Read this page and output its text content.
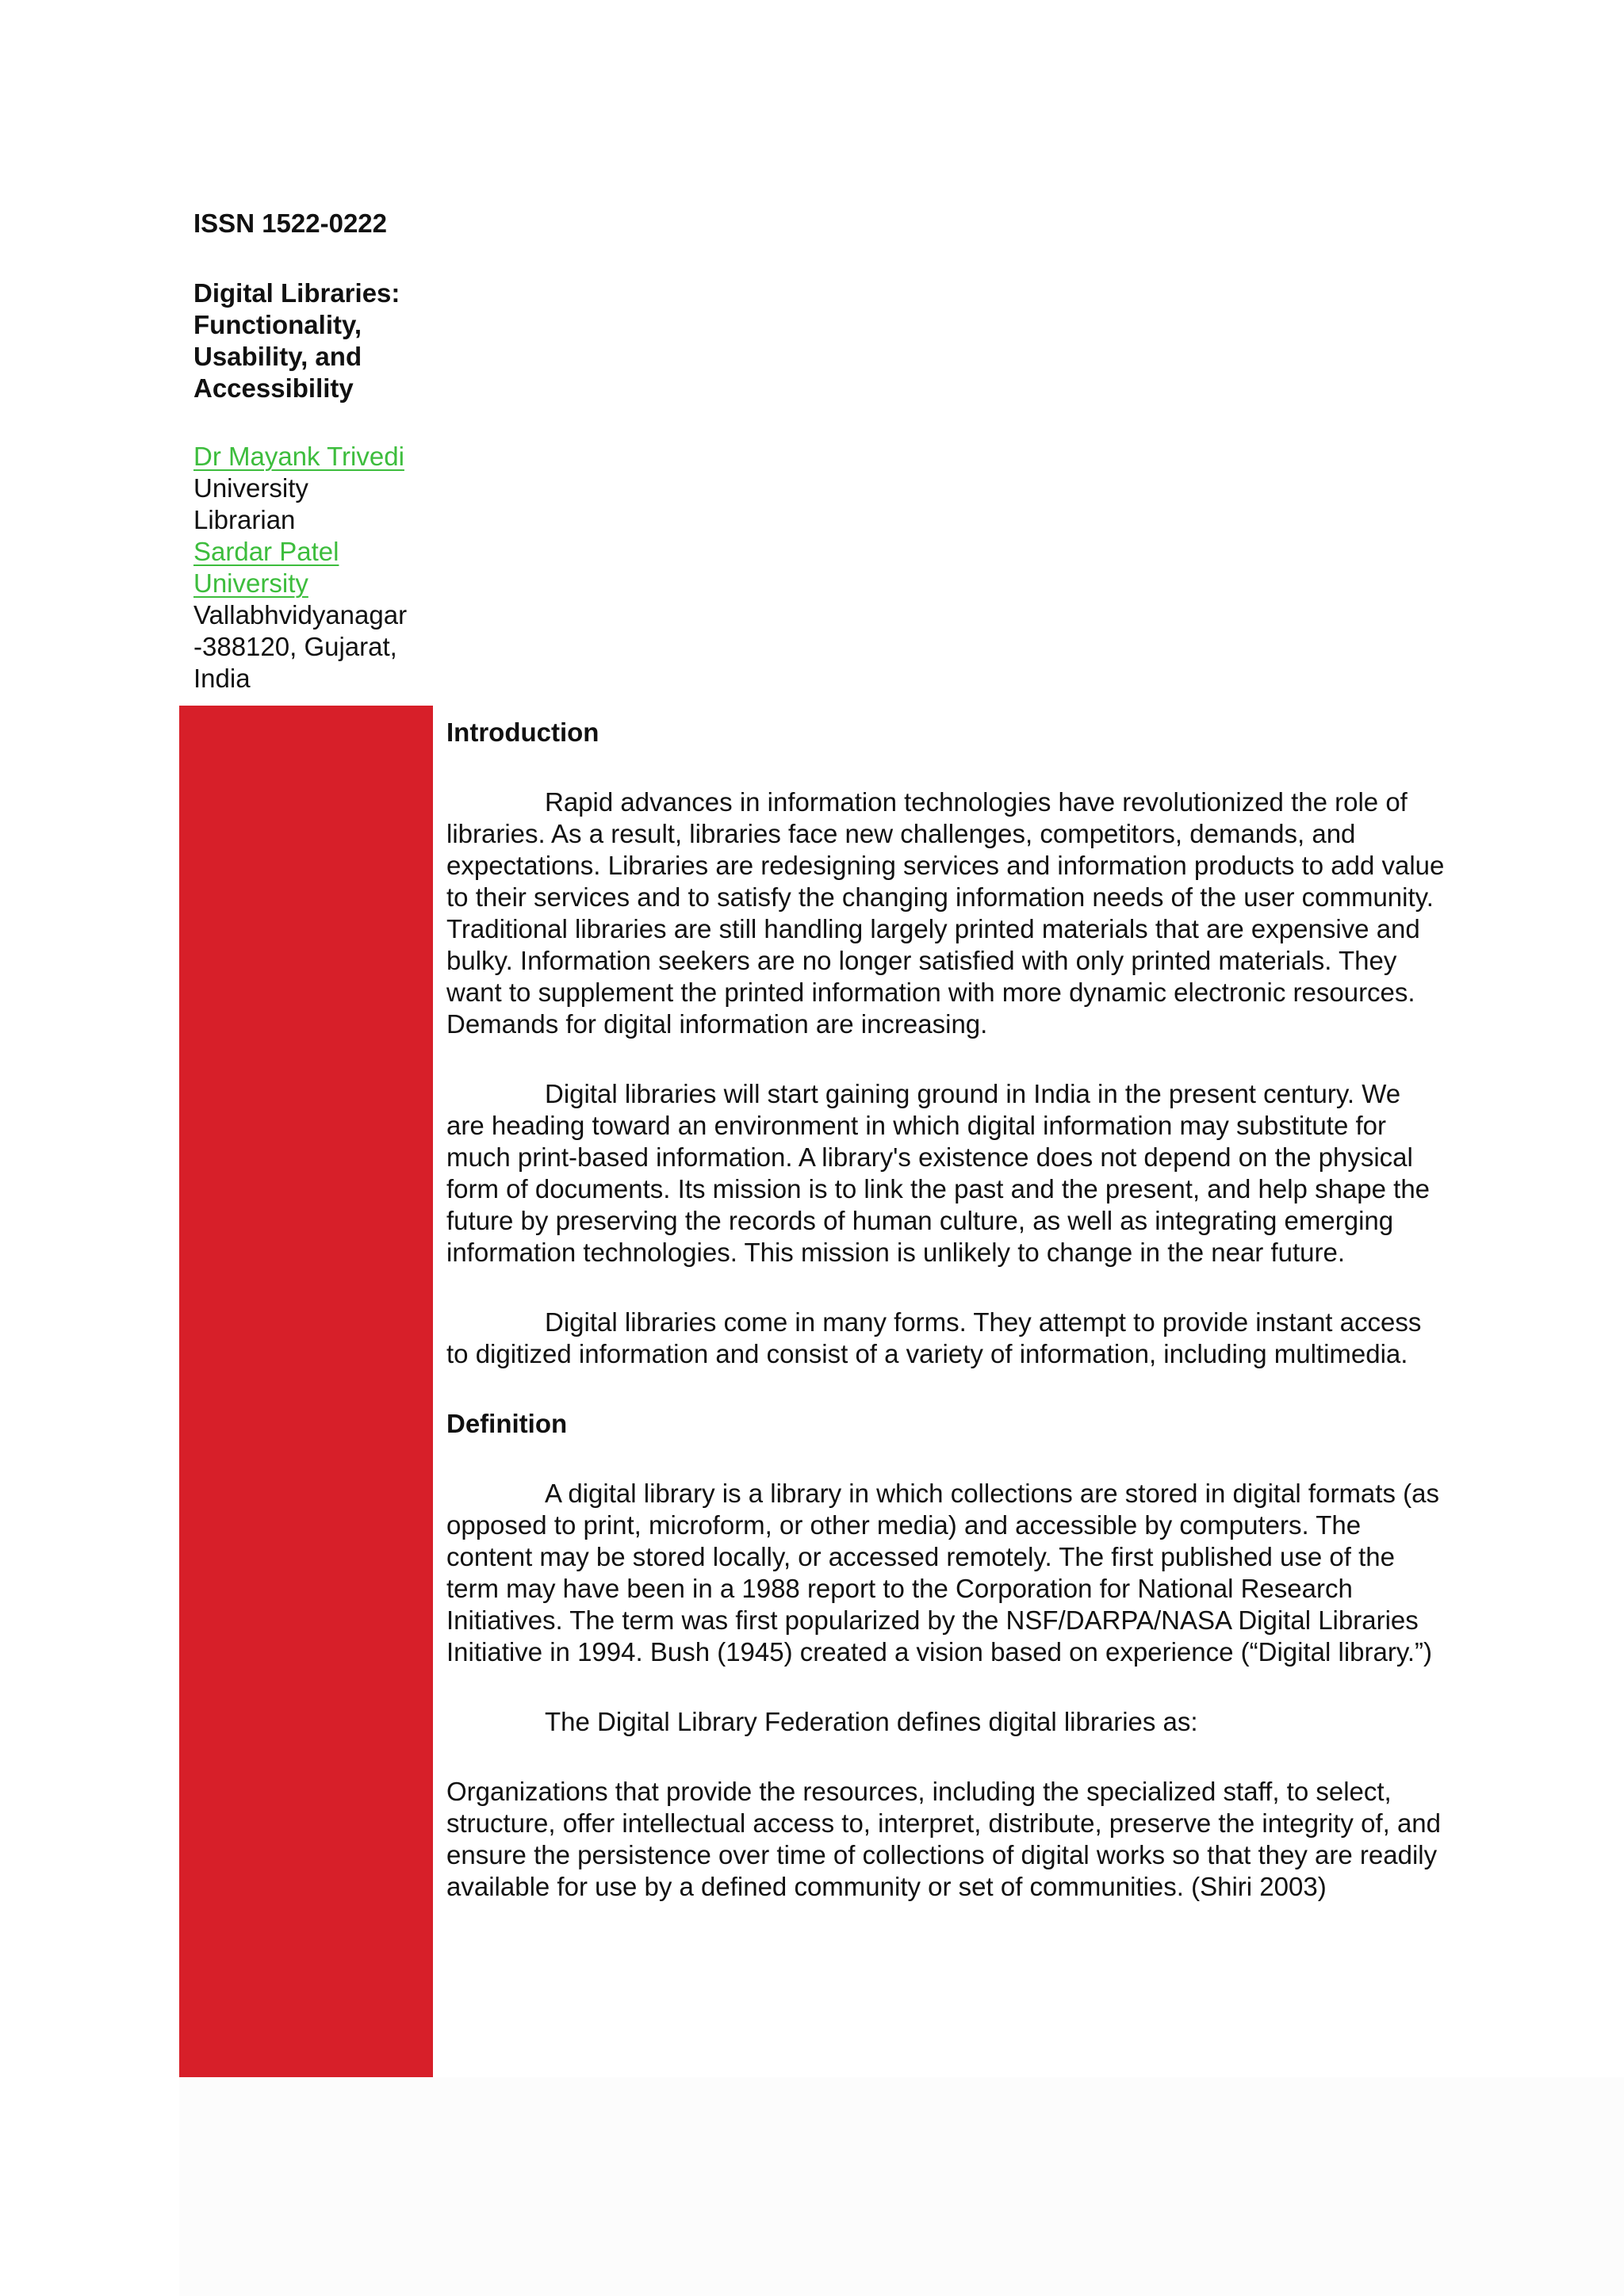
ISSN 1522-0222
Digital Libraries:
Functionality,
Usability, and
Accessibility
Dr Mayank Trivedi
University
Librarian
Sardar Patel
University
Vallabhvidyanagar
-388120, Gujarat,
India
Introduction

Rapid advances in information technologies have revolutionized the role of libraries. As a result, libraries face new challenges, competitors, demands, and expectations. Libraries are redesigning services and information products to add value to their services and to satisfy the changing information needs of the user community. Traditional libraries are still handling largely printed materials that are expensive and bulky. Information seekers are no longer satisfied with only printed materials. They want to supplement the printed information with more dynamic electronic resources. Demands for digital information are increasing.

Digital libraries will start gaining ground in India in the present century. We are heading toward an environment in which digital information may substitute for much print-based information. A library's existence does not depend on the physical form of documents. Its mission is to link the past and the present, and help shape the future by preserving the records of human culture, as well as integrating emerging information technologies. This mission is unlikely to change in the near future.

Digital libraries come in many forms. They attempt to provide instant access to digitized information and consist of a variety of information, including multimedia.

Definition

A digital library is a library in which collections are stored in digital formats (as opposed to print, microform, or other media) and accessible by computers. The content may be stored locally, or accessed remotely. The first published use of the term may have been in a 1988 report to the Corporation for National Research Initiatives. The term was first popularized by the NSF/DARPA/NASA Digital Libraries Initiative in 1994. Bush (1945) created a vision based on experience (“Digital library.”)

The Digital Library Federation defines digital libraries as:

Organizations that provide the resources, including the specialized staff, to select, structure, offer intellectual access to, interpret, distribute, preserve the integrity of, and ensure the persistence over time of collections of digital works so that they are readily available for use by a defined community or set of communities. (Shiri 2003)
